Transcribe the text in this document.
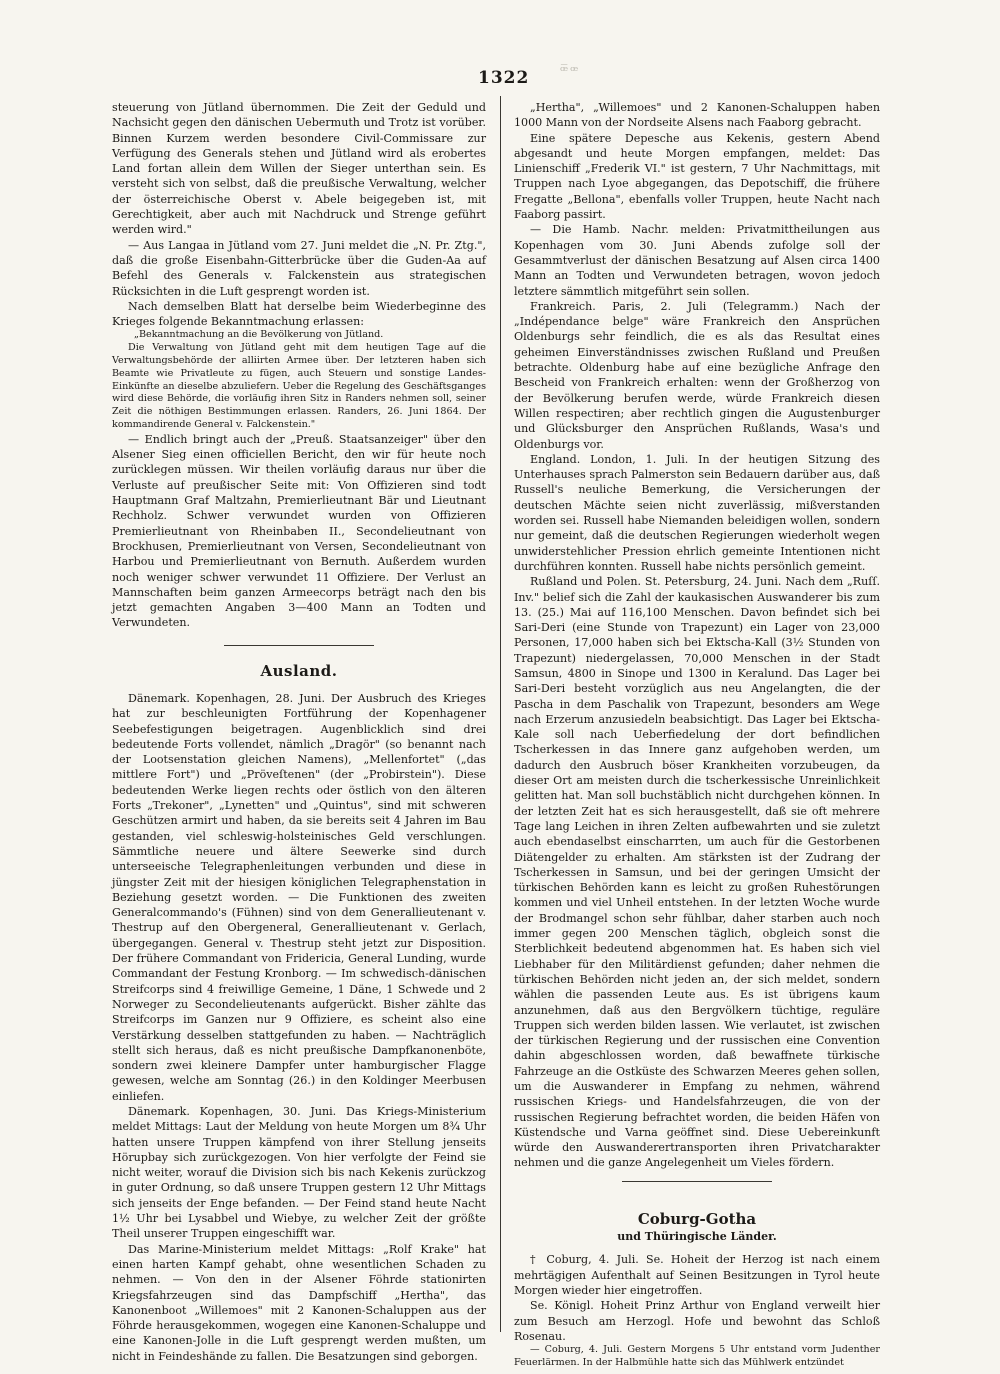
1322 ꟹ̅ꟹ

steuerung von Jütland übernommen. Die Zeit der Geduld und Nachsicht gegen den dänischen Uebermuth und Trotz ist vorüber. Binnen Kurzem werden besondere Civil-Commissare zur Verfügung des Generals stehen und Jütland wird als erobertes Land fortan allein dem Willen der Sieger unterthan sein. Es versteht sich von selbst, daß die preußische Verwaltung, welcher der österreichische Oberst v. Abele beigegeben ist, mit Gerechtigkeit, aber auch mit Nachdruck und Strenge geführt werden wird."

— Aus Langaa in Jütland vom 27. Juni meldet die „N. Pr. Ztg.", daß die große Eisenbahn-Gitterbrücke über die Guden-Aa auf Befehl des Generals v. Falckenstein aus strategischen Rücksichten in die Luft gesprengt worden ist.

Nach demselben Blatt hat derselbe beim Wiederbeginne des Krieges folgende Bekanntmachung erlassen:

„Bekanntmachung an die Bevölkerung von Jütland.

Die Verwaltung von Jütland geht mit dem heutigen Tage auf die Verwaltungsbehörde der alliirten Armee über. Der letzteren haben sich Beamte wie Privatleute zu fügen, auch Steuern und sonstige Landes-Einkünfte an dieselbe abzuliefern. Ueber die Regelung des Geschäftsganges wird diese Behörde, die vorläufig ihren Sitz in Randers nehmen soll, seiner Zeit die nöthigen Bestimmungen erlassen. Randers, 26. Juni 1864. Der kommandirende General v. Falckenstein."

— Endlich bringt auch der „Preuß. Staatsanzeiger" über den Alsener Sieg einen officiellen Bericht, den wir für heute noch zurücklegen müssen. Wir theilen vorläufig daraus nur über die Verluste auf preußischer Seite mit: Von Offizieren sind todt Hauptmann Graf Maltzahn, Premierlieutnant Bär und Lieutnant Rechholz. Schwer verwundet wurden von Offizieren Premierlieutnant von Rheinbaben II., Secondelieutnant von Brockhusen, Premierlieutnant von Versen, Secondelieutnant von Harbou und Premierlieutnant von Bernuth. Außerdem wurden noch weniger schwer verwundet 11 Offiziere. Der Verlust an Mannschaften beim ganzen Armeecorps beträgt nach den bis jetzt gemachten Angaben 3—400 Mann an Todten und Verwundeten.

Ausland.

Dänemark. Kopenhagen, 28. Juni. Der Ausbruch des Krieges hat zur beschleunigten Fortführung der Kopenhagener Seebefestigungen beigetragen. Augenblicklich sind drei bedeutende Forts vollendet, nämlich „Dragör" (so benannt nach der Lootsenstation gleichen Namens), „Mellenfortet" („das mittlere Fort") und „Pröveſtenen" (der „Probirstein"). Diese bedeutenden Werke liegen rechts oder östlich von den älteren Forts „Trekoner", „Lynetten" und „Quintus", sind mit schweren Geschützen armirt und haben, da sie bereits seit 4 Jahren im Bau gestanden, viel schleswig-holsteinisches Geld verschlungen. Sämmtliche neuere und ältere Seewerke sind durch unterseeische Telegraphenleitungen verbunden und diese in jüngster Zeit mit der hiesigen königlichen Telegraphenstation in Beziehung gesetzt worden. — Die Funktionen des zweiten Generalcommando's (Fühnen) sind von dem Generallieutenant v. Thestrup auf den Obergeneral, Generallieutenant v. Gerlach, übergegangen. General v. Thestrup steht jetzt zur Disposition. Der frühere Commandant von Fridericia, General Lunding, wurde Commandant der Festung Kronborg. — Im schwedisch-dänischen Streifcorps sind 4 freiwillige Gemeine, 1 Däne, 1 Schwede und 2 Norweger zu Secondelieutenants aufgerückt. Bisher zählte das Streifcorps im Ganzen nur 9 Offiziere, es scheint also eine Verstärkung desselben stattgefunden zu haben. — Nachträglich stellt sich heraus, daß es nicht preußische Dampfkanonenböte, sondern zwei kleinere Dampfer unter hamburgischer Flagge gewesen, welche am Sonntag (26.) in den Koldinger Meerbusen einliefen.

Dänemark. Kopenhagen, 30. Juni. Das Kriegs-Ministerium meldet Mittags: Laut der Meldung von heute Morgen um 8¾ Uhr hatten unsere Truppen kämpfend von ihrer Stellung jenseits Hörupbay sich zurückgezogen. Von hier verfolgte der Feind sie nicht weiter, worauf die Division sich bis nach Kekenis zurückzog in guter Ordnung, so daß unsere Truppen gestern 12 Uhr Mittags sich jenseits der Enge befanden. — Der Feind stand heute Nacht 1½ Uhr bei Lysabbel und Wiebye, zu welcher Zeit der größte Theil unserer Truppen eingeschifft war.

Das Marine-Ministerium meldet Mittags: „Rolf Krake" hat einen harten Kampf gehabt, ohne wesentlichen Schaden zu nehmen. — Von den in der Alsener Föhrde stationirten Kriegsfahrzeugen sind das Dampfschiff „Hertha", das Kanonenboot „Willemoes" mit 2 Kanonen-Schaluppen aus der Föhrde herausgekommen, wogegen eine Kanonen-Schaluppe und eine Kanonen-Jolle in die Luft gesprengt werden mußten, um nicht in Feindeshände zu fallen. Die Besatzungen sind geborgen.

„Hertha", „Willemoes" und 2 Kanonen-Schaluppen haben 1000 Mann von der Nordseite Alsens nach Faaborg gebracht.

Eine spätere Depesche aus Kekenis, gestern Abend abgesandt und heute Morgen empfangen, meldet: Das Linienschiff „Frederik VI." ist gestern, 7 Uhr Nachmittags, mit Truppen nach Lyoe abgegangen, das Depotschiff, die frühere Fregatte „Bellona", ebenfalls voller Truppen, heute Nacht nach Faaborg passirt.

— Die Hamb. Nachr. melden: Privatmittheilungen aus Kopenhagen vom 30. Juni Abends zufolge soll der Gesammtverlust der dänischen Besatzung auf Alsen circa 1400 Mann an Todten und Verwundeten betragen, wovon jedoch letztere sämmtlich mitgeführt sein sollen.

Frankreich. Paris, 2. Juli (Telegramm.) Nach der „Indépendance belge" wäre Frankreich den Ansprüchen Oldenburgs sehr feindlich, die es als das Resultat eines geheimen Einverständnisses zwischen Rußland und Preußen betrachte. Oldenburg habe auf eine bezügliche Anfrage den Bescheid von Frankreich erhalten: wenn der Großherzog von der Bevölkerung berufen werde, würde Frankreich diesen Willen respectiren; aber rechtlich gingen die Augustenburger und Glücksburger den Ansprüchen Rußlands, Wasa's und Oldenburgs vor.

England. London, 1. Juli. In der heutigen Sitzung des Unterhauses sprach Palmerston sein Bedauern darüber aus, daß Russell's neuliche Bemerkung, die Versicherungen der deutschen Mächte seien nicht zuverlässig, mißverstanden worden sei. Russell habe Niemanden beleidigen wollen, sondern nur gemeint, daß die deutschen Regierungen wiederholt wegen unwiderstehlicher Pression ehrlich gemeinte Intentionen nicht durchführen konnten. Russell habe nichts persönlich gemeint.

Rußland und Polen. St. Petersburg, 24. Juni. Nach dem „Ruſſ. Inv." belief sich die Zahl der kaukasischen Auswanderer bis zum 13. (25.) Mai auf 116,100 Menschen. Davon befindet sich bei Sari-Deri (eine Stunde von Trapezunt) ein Lager von 23,000 Personen, 17,000 haben sich bei Ektscha-Kall (3½ Stunden von Trapezunt) niedergelassen, 70,000 Menschen in der Stadt Samsun, 4800 in Sinope und 1300 in Keralund. Das Lager bei Sari-Deri besteht vorzüglich aus neu Angelangten, die der Pascha in dem Paschalik von Trapezunt, besonders am Wege nach Erzerum anzusiedeln beabsichtigt. Das Lager bei Ektscha-Kale soll nach Ueberfiedelung der dort befindlichen Tscherkessen in das Innere ganz aufgehoben werden, um dadurch den Ausbruch böser Krankheiten vorzubeugen, da dieser Ort am meisten durch die tscherkessische Unreinlichkeit gelitten hat. Man soll buchstäblich nicht durchgehen können. In der letzten Zeit hat es sich herausgestellt, daß sie oft mehrere Tage lang Leichen in ihren Zelten aufbewahrten und sie zuletzt auch ebendaselbst einscharrten, um auch für die Gestorbenen Diätengelder zu erhalten. Am stärksten ist der Zudrang der Tscherkessen in Samsun, und bei der geringen Umsicht der türkischen Behörden kann es leicht zu großen Ruhestörungen kommen und viel Unheil entstehen. In der letzten Woche wurde der Brodmangel schon sehr fühlbar, daher starben auch noch immer gegen 200 Menschen täglich, obgleich sonst die Sterblichkeit bedeutend abgenommen hat. Es haben sich viel Liebhaber für den Militärdienst gefunden; daher nehmen die türkischen Behörden nicht jeden an, der sich meldet, sondern wählen die passenden Leute aus. Es ist übrigens kaum anzunehmen, daß aus den Bergvölkern tüchtige, reguläre Truppen sich werden bilden lassen. Wie verlautet, ist zwischen der türkischen Regierung und der russischen eine Convention dahin abgeschlossen worden, daß bewaffnete türkische Fahrzeuge an die Ostküste des Schwarzen Meeres gehen sollen, um die Auswanderer in Empfang zu nehmen, während russischen Kriegs- und Handelsfahrzeugen, die von der russischen Regierung befrachtet worden, die beiden Häfen von Küstendsche und Varna geöffnet sind. Diese Uebereinkunft würde den Auswanderertransporten ihren Privatcharakter nehmen und die ganze Angelegenheit um Vieles fördern.

Coburg-Gotha
und Thüringische Länder.

† Coburg, 4. Juli. Se. Hoheit der Herzog ist nach einem mehrtägigen Aufenthalt auf Seinen Besitzungen in Tyrol heute Morgen wieder hier eingetroffen.

Se. Königl. Hoheit Prinz Arthur von England verweilt hier zum Besuch am Herzogl. Hofe und bewohnt das Schloß Rosenau.

— Coburg, 4. Juli. Gestern Morgens 5 Uhr entstand vorm Judenther Feuerlärmen. In der Halbmühle hatte sich das Mühlwerk entzündet
